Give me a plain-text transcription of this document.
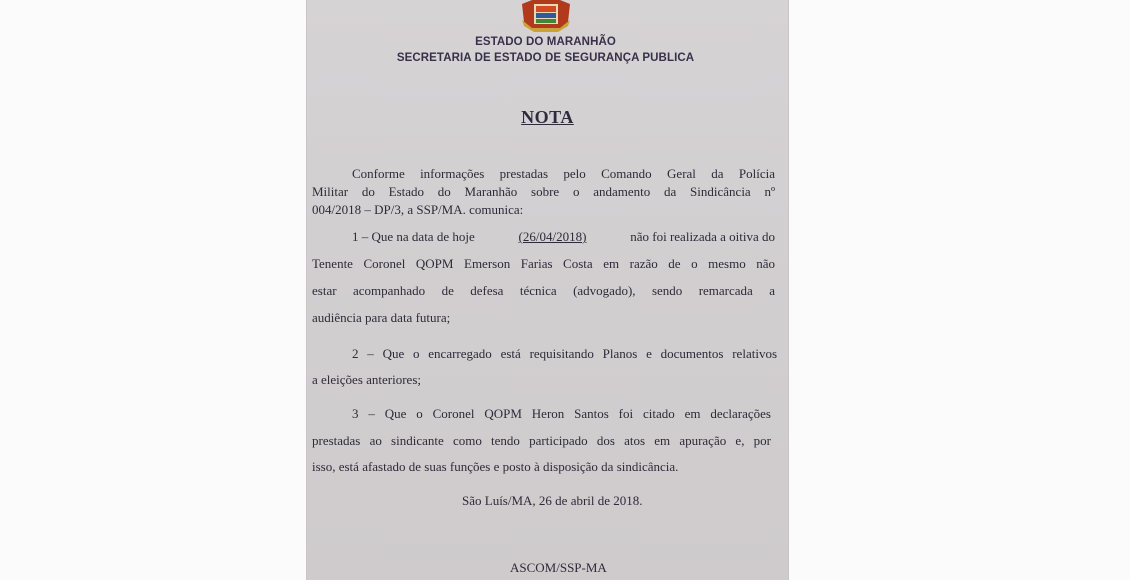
ESTADO DO MARANHÃO
SECRETARIA DE ESTADO DE SEGURANÇA PUBLICA
NOTA
Conforme informações prestadas pelo Comando Geral da Polícia
Militar do Estado do Maranhão sobre o andamento da Sindicância nº
004/2018 – DP/3, a SSP/MA. comunica:
1 – Que na data de hoje	(26/04/2018)	não foi realizada a oitiva do
Tenente Coronel QOPM Emerson Farias Costa em razão de o mesmo não
estar acompanhado de defesa técnica (advogado), sendo remarcada a
audiência para data futura;
2 – Que o encarregado está requisitando Planos e documentos relativos
a eleições anteriores;
3 – Que o Coronel QOPM Heron Santos foi citado em declarações
prestadas ao sindicante como tendo participado dos atos em apuração e, por
isso, está afastado de suas funções e posto à disposição da sindicância.
São Luís/MA, 26 de abril de 2018.
ASCOM/SSP-MA
